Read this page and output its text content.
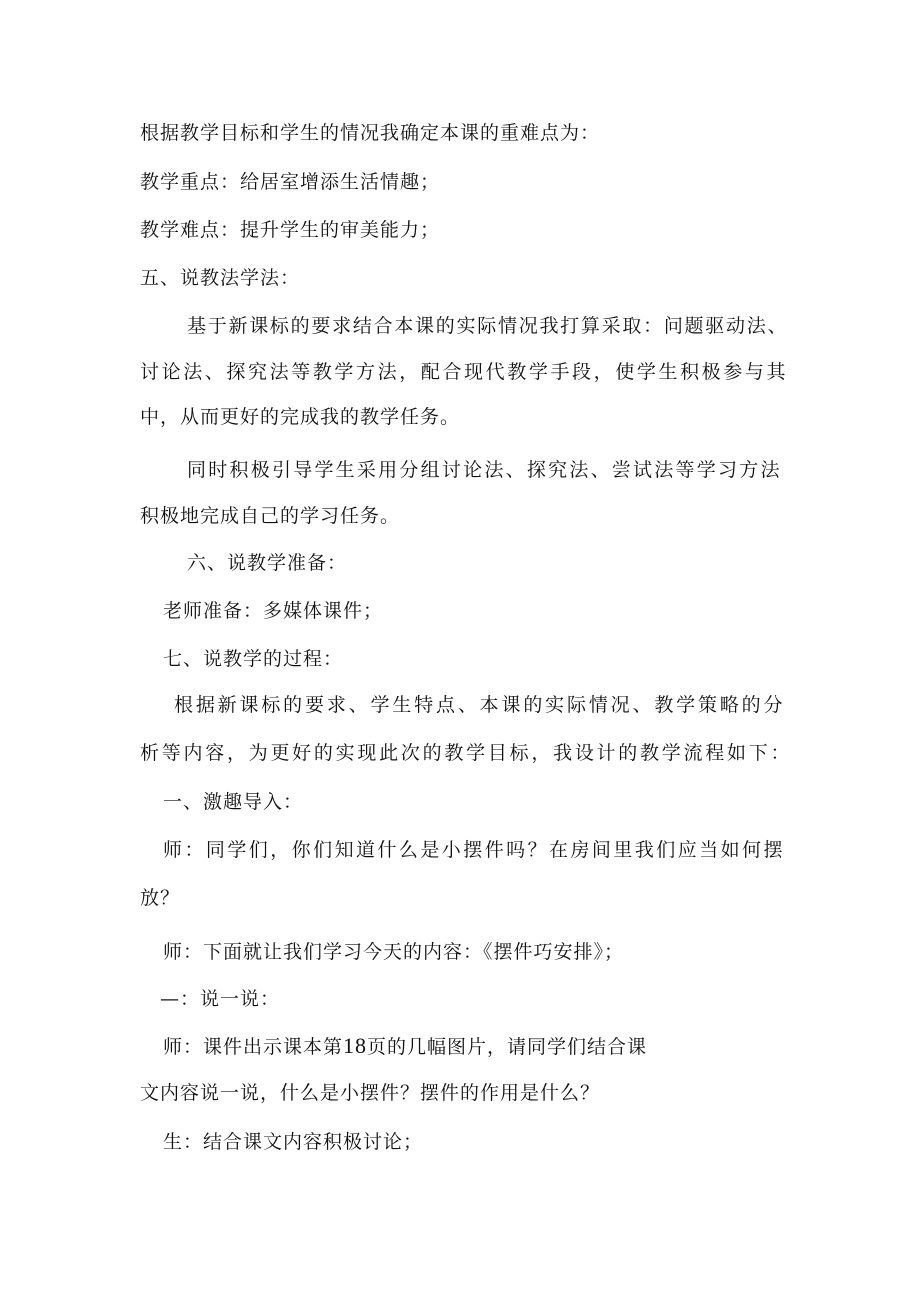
根据教学目标和学生的情况我确定本课的重难点为：
教学重点：给居室增添生活情趣；
教学难点：提升学生的审美能力；
五、说教法学法：
基于新课标的要求结合本课的实际情况我打算采取：问题驱动法、
讨论法、探究法等教学方法，配合现代教学手段，使学生积极参与其
中，从而更好的完成我的教学任务。
同时积极引导学生采用分组讨论法、探究法、尝试法等学习方法
积极地完成自己的学习任务。
六、说教学准备：
老师准备：多媒体课件；
七、说教学的过程：
根据新课标的要求、学生特点、本课的实际情况、教学策略的分
析等内容，为更好的实现此次的教学目标，我设计的教学流程如下：
一、激趣导入：
师：同学们，你们知道什么是小摆件吗？在房间里我们应当如何摆
放？
师：下面就让我们学习今天的内容：《摆件巧安排》；
—：说一说：
师：课件出示课本第18页的几幅图片，请同学们结合课
文内容说一说，什么是小摆件？摆件的作用是什么？
生：结合课文内容积极讨论；
